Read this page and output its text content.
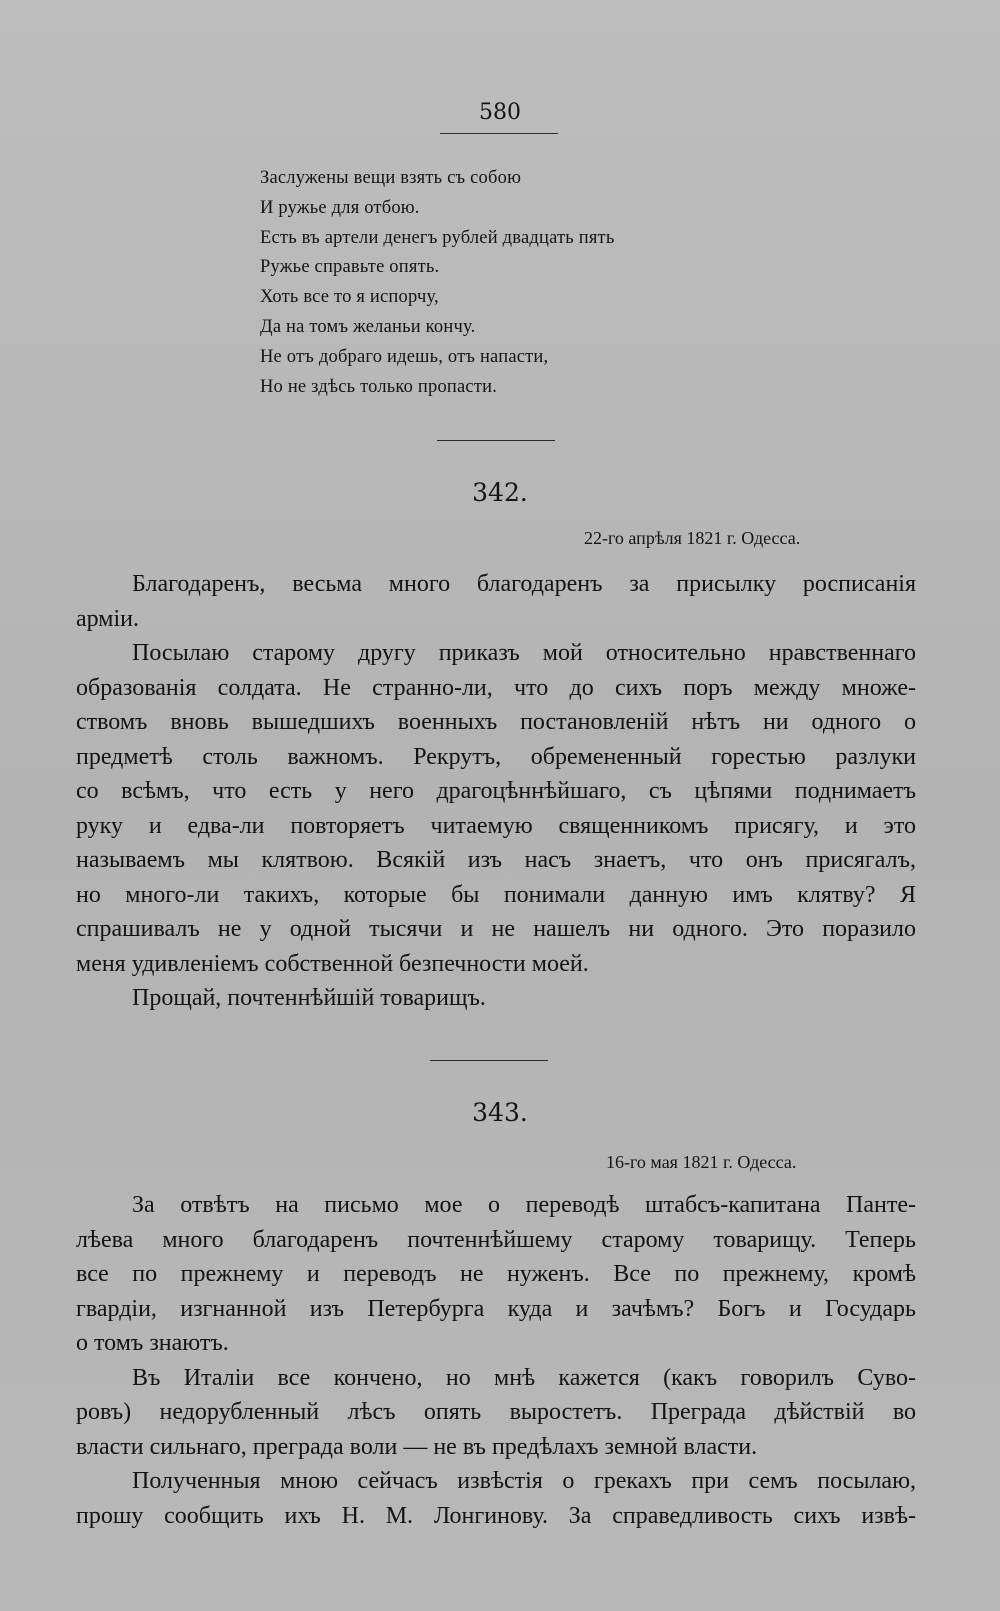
580
Заслужены вещи взять съ собою
И ружье для отбою.
Есть въ артели денегъ рублей двадцать пять
Ружье справьте опять.
Хоть все то я испорчу,
Да на томъ желаньи кончу.
Не отъ добраго идешь, отъ напасти,
Но не здѣсь только пропасти.
342.
22-го апрѣля 1821 г. Одесса.
Благодаренъ, весьма много благодаренъ за присылку росписанія
арміи.
Посылаю старому другу приказъ мой относительно нравственнаго
образованія солдата. Не странно-ли, что до сихъ поръ между множе-
ствомъ вновь вышедшихъ военныхъ постановленій нѣтъ ни одного о
предметѣ столь важномъ. Рекрутъ, обремененный горестью разлуки
со всѣмъ, что есть у него драгоцѣннѣйшаго, съ цѣпями поднимаетъ
руку и едва-ли повторяетъ читаемую священникомъ присягу, и это
называемъ мы клятвою. Всякій изъ насъ знаетъ, что онъ присягалъ,
но много-ли такихъ, которые бы понимали данную имъ клятву? Я
спрашивалъ не у одной тысячи и не нашелъ ни одного. Это поразило
меня удивленіемъ собственной безпечности моей.
Прощай, почтеннѣйшій товарищъ.
343.
16-го мая 1821 г. Одесса.
За отвѣтъ на письмо мое о переводѣ штабсъ-капитана Панте-
лѣева много благодаренъ почтеннѣйшему старому товарищу. Теперь
все по прежнему и переводъ не нуженъ. Все по прежнему, кромѣ
гвардіи, изгнанной изъ Петербурга куда и зачѣмъ? Богъ и Государь
о томъ знаютъ.
Въ Италіи все кончено, но мнѣ кажется (какъ говорилъ Суво-
ровъ) недорубленный лѣсъ опять выростетъ. Преграда дѣйствій во
власти сильнаго, преграда воли — не въ предѣлахъ земной власти.
Полученныя мною сейчасъ извѣстія о грекахъ при семъ посылаю,
прошу сообщить ихъ Н. М. Лонгинову. За справедливость сихъ извѣ-
